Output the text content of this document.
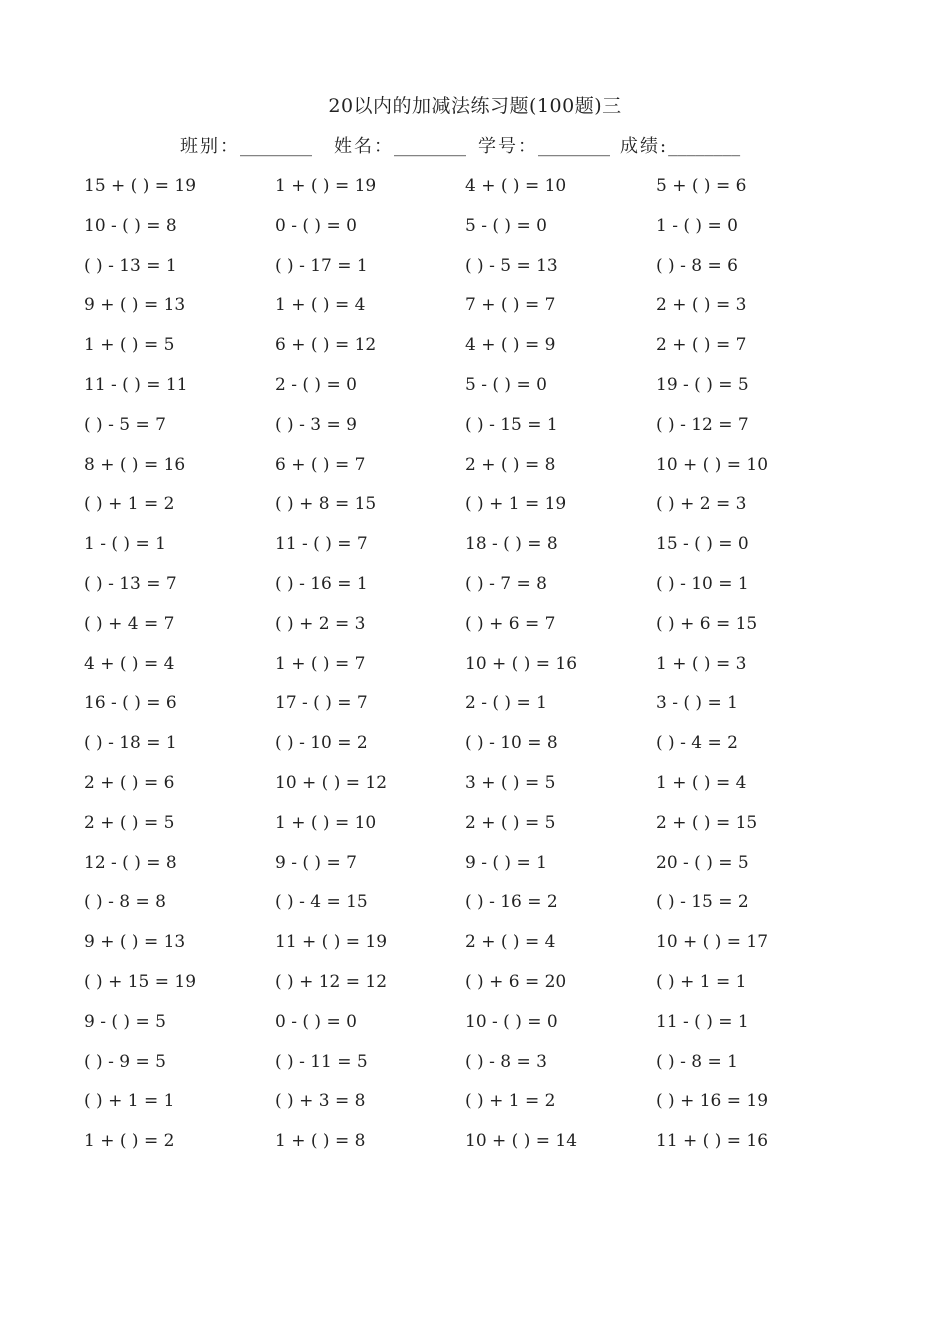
20以内的加减法练习题(100题)三
班别：________ 姓名：________ 学号：________ 成绩:________
15 + ( ) = 19	1 + ( ) = 19	4 + ( ) = 10	5 + ( ) = 6
10 - ( ) = 8	0 - ( ) = 0	5 - ( ) = 0	1 - ( ) = 0
( ) - 13 = 1	( ) - 17 = 1	( ) - 5 = 13	( ) - 8 = 6
9 + ( ) = 13	1 + ( ) = 4	7 + ( ) = 7	2 + ( ) = 3
1 + ( ) = 5	6 + ( ) = 12	4 + ( ) = 9	2 + ( ) = 7
11 - ( ) = 11	2 - ( ) = 0	5 - ( ) = 0	19 - ( ) = 5
( ) - 5 = 7	( ) - 3 = 9	( ) - 15 = 1	( ) - 12 = 7
8 + ( ) = 16	6 + ( ) = 7	2 + ( ) = 8	10 + ( ) = 10
( ) + 1 = 2	( ) + 8 = 15	( ) + 1 = 19	( ) + 2 = 3
1 - ( ) = 1	11 - ( ) = 7	18 - ( ) = 8	15 - ( ) = 0
( ) - 13 = 7	( ) - 16 = 1	( ) - 7 = 8	( ) - 10 = 1
( ) + 4 = 7	( ) + 2 = 3	( ) + 6 = 7	( ) + 6 = 15
4 + ( ) = 4	1 + ( ) = 7	10 + ( ) = 16	1 + ( ) = 3
16 - ( ) = 6	17 - ( ) = 7	2 - ( ) = 1	3 - ( ) = 1
( ) - 18 = 1	( ) - 10 = 2	( ) - 10 = 8	( ) - 4 = 2
2 + ( ) = 6	10 + ( ) = 12	3 + ( ) = 5	1 + ( ) = 4
2 + ( ) = 5	1 + ( ) = 10	2 + ( ) = 5	2 + ( ) = 15
12 - ( ) = 8	9 - ( ) = 7	9 - ( ) = 1	20 - ( ) = 5
( ) - 8 = 8	( ) - 4 = 15	( ) - 16 = 2	( ) - 15 = 2
9 + ( ) = 13	11 + ( ) = 19	2 + ( ) = 4	10 + ( ) = 17
( ) + 15 = 19	( ) + 12 = 12	( ) + 6 = 20	( ) + 1 = 1
9 - ( ) = 5	0 - ( ) = 0	10 - ( ) = 0	11 - ( ) = 1
( ) - 9 = 5	( ) - 11 = 5	( ) - 8 = 3	( ) - 8 = 1
( ) + 1 = 1	( ) + 3 = 8	( ) + 1 = 2	( ) + 16 = 19
1 + ( ) = 2	1 + ( ) = 8	10 + ( ) = 14	11 + ( ) = 16
